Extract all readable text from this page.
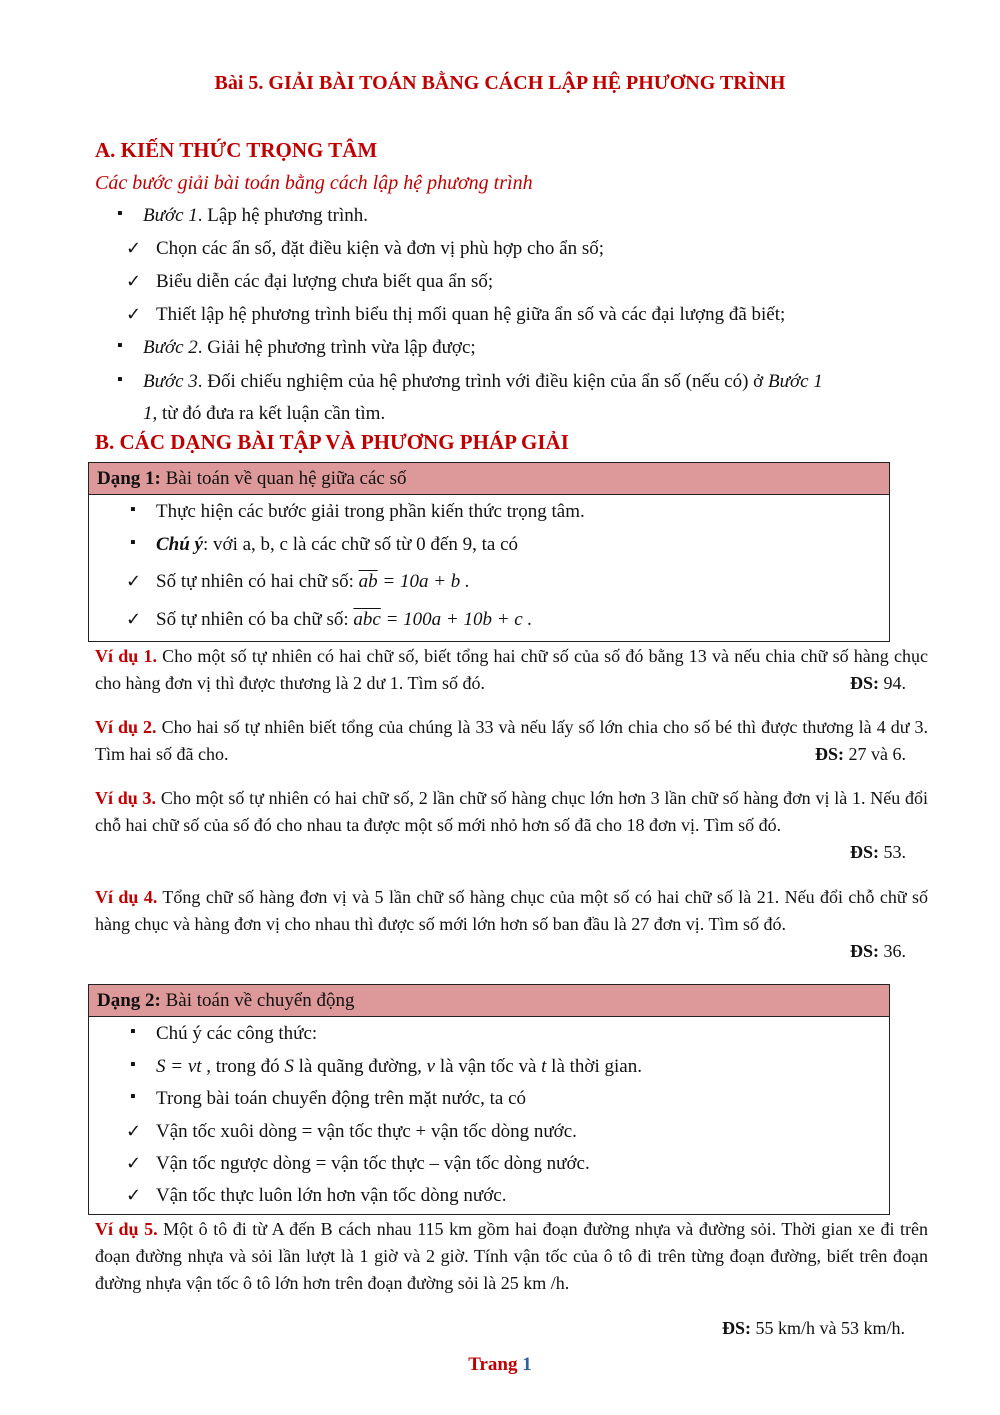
Bài 5. GIẢI BÀI TOÁN BẰNG CÁCH LẬP HỆ PHƯƠNG TRÌNH
A. KIẾN THỨC TRỌNG TÂM
Các bước giải bài toán bằng cách lập hệ phương trình
▪ Bước 1. Lập hệ phương trình.
✓ Chọn các ẩn số, đặt điều kiện và đơn vị phù hợp cho ẩn số;
✓ Biểu diễn các đại lượng chưa biết qua ẩn số;
✓ Thiết lập hệ phương trình biểu thị mối quan hệ giữa ẩn số và các đại lượng đã biết;
▪ Bước 2. Giải hệ phương trình vừa lập được;
▪ Bước 3. Đối chiếu nghiệm của hệ phương trình với điều kiện của ẩn số (nếu có) ở Bước 1
1, từ đó đưa ra kết luận cần tìm.
B. CÁC DẠNG BÀI TẬP VÀ PHƯƠNG PHÁP GIẢI
Dạng 1: Bài toán về quan hệ giữa các số
▪ Thực hiện các bước giải trong phần kiến thức trọng tâm.
▪ Chú ý: với a, b, c là các chữ số từ 0 đến 9, ta có
✓ Số tự nhiên có hai chữ số: $\overline{ab} = 10a + b$ .
✓ Số tự nhiên có ba chữ số: $\overline{abc} = 100a + 10b + c$ .
Ví dụ 1. Cho một số tự nhiên có hai chữ số, biết tổng hai chữ số của số đó bằng 13 và nếu chia chữ số hàng chục cho hàng đơn vị thì được thương là 2 dư 1. Tìm số đó.	ĐS: 94.
Ví dụ 2. Cho hai số tự nhiên biết tổng của chúng là 33 và nếu lấy số lớn chia cho số bé thì được thương là 4 dư 3. Tìm hai số đã cho.	ĐS: 27 và 6.
Ví dụ 3. Cho một số tự nhiên có hai chữ số, 2 lần chữ số hàng chục lớn hơn 3 lần chữ số hàng đơn vị là 1. Nếu đổi chỗ hai chữ số của số đó cho nhau ta được một số mới nhỏ hơn số đã cho 18 đơn vị. Tìm số đó.
ĐS: 53.
Ví dụ 4. Tổng chữ số hàng đơn vị và 5 lần chữ số hàng chục của một số có hai chữ số là 21. Nếu đổi chỗ chữ số hàng chục và hàng đơn vị cho nhau thì được số mới lớn hơn số ban đầu là 27 đơn vị. Tìm số đó.
ĐS: 36.
Dạng 2: Bài toán về chuyển động
▪ Chú ý các công thức:
▪ S = vt , trong đó S là quãng đường, v là vận tốc và t là thời gian.
▪ Trong bài toán chuyển động trên mặt nước, ta có
✓ Vận tốc xuôi dòng = vận tốc thực + vận tốc dòng nước.
✓ Vận tốc ngược dòng = vận tốc thực – vận tốc dòng nước.
✓ Vận tốc thực luôn lớn hơn vận tốc dòng nước.
Ví dụ 5. Một ô tô đi từ A đến B cách nhau 115 km gồm hai đoạn đường nhựa và đường sỏi. Thời gian xe đi trên đoạn đường nhựa và sỏi lần lượt là 1 giờ và 2 giờ. Tính vận tốc của ô tô đi trên từng đoạn đường, biết trên đoạn đường nhựa vận tốc ô tô lớn hơn trên đoạn đường sỏi là 25 km /h.
ĐS: 55 km/h và 53 km/h.
Trang 1
